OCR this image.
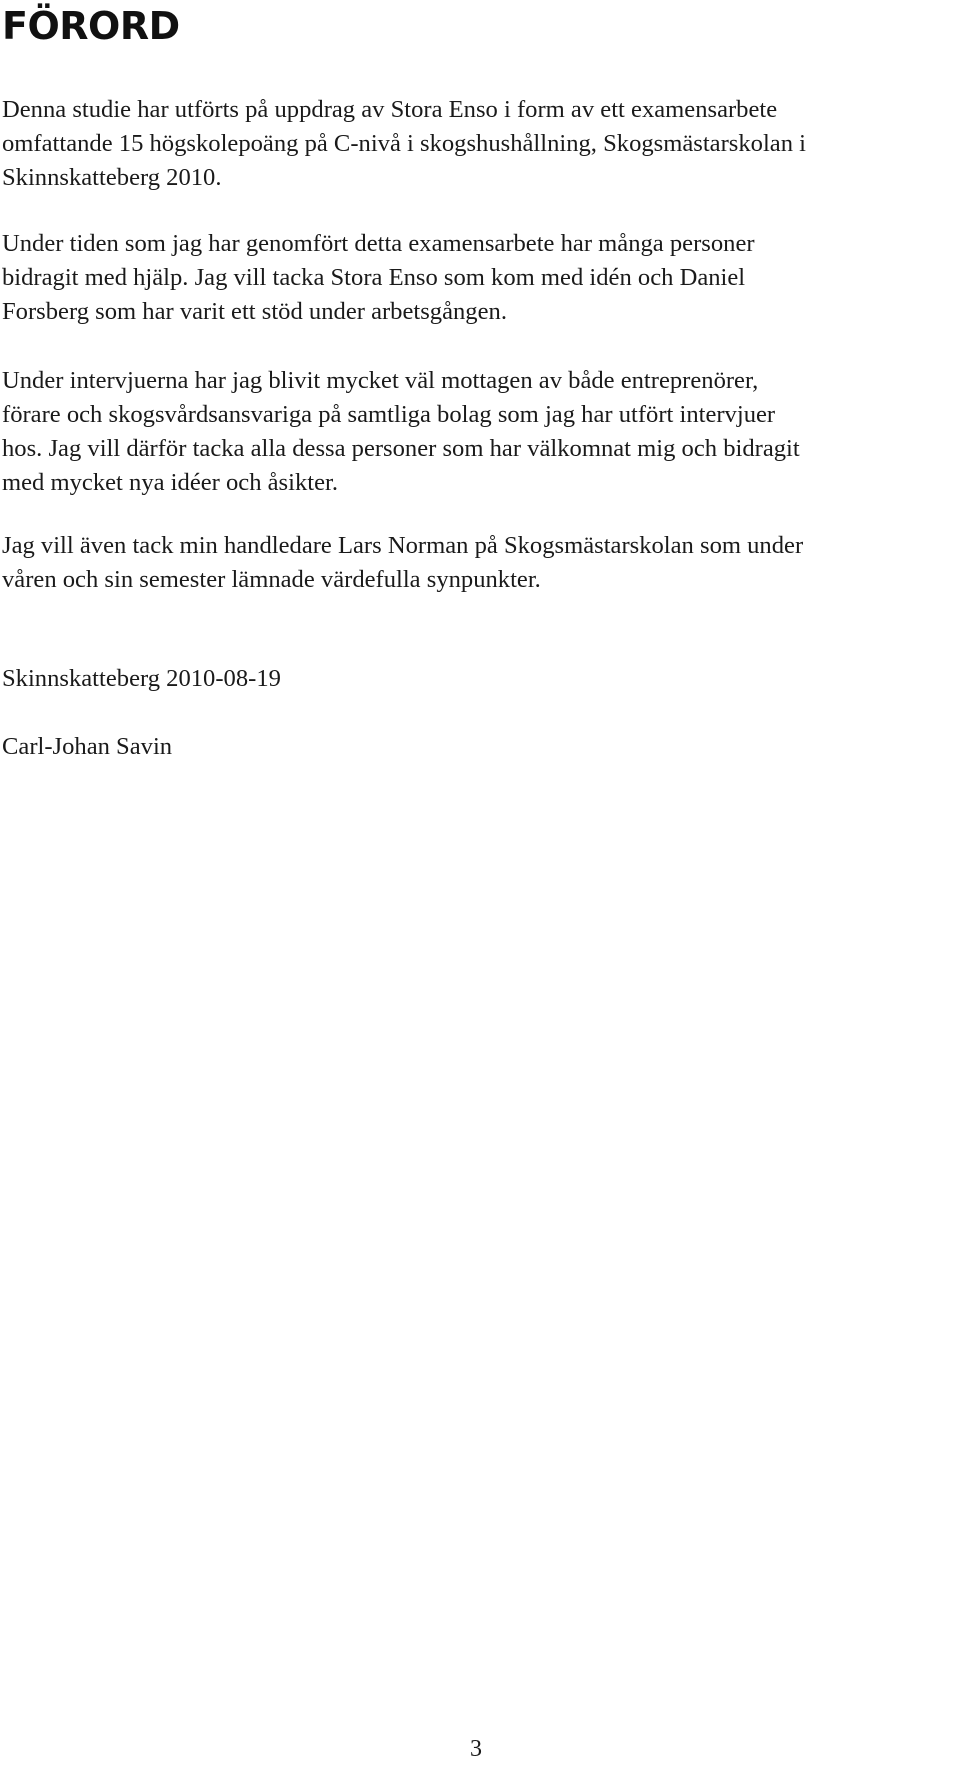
FÖRORD

Denna studie har utförts på uppdrag av Stora Enso i form av ett examensarbete
omfattande 15 högskolepoäng på C-nivå i skogshushållning, Skogsmästarskolan i
Skinnskatteberg 2010.

Under tiden som jag har genomfört detta examensarbete har många personer
bidragit med hjälp. Jag vill tacka Stora Enso som kom med idén och Daniel
Forsberg som har varit ett stöd under arbetsgången.

Under intervjuerna har jag blivit mycket väl mottagen av både entreprenörer,
förare och skogsvårdsansvariga på samtliga bolag som jag har utfört intervjuer
hos. Jag vill därför tacka alla dessa personer som har välkomnat mig och bidragit
med mycket nya idéer och åsikter.

Jag vill även tack min handledare Lars Norman på Skogsmästarskolan som under
våren och sin semester lämnade värdefulla synpunkter.

Skinnskatteberg 2010-08-19

Carl-Johan Savin

3
